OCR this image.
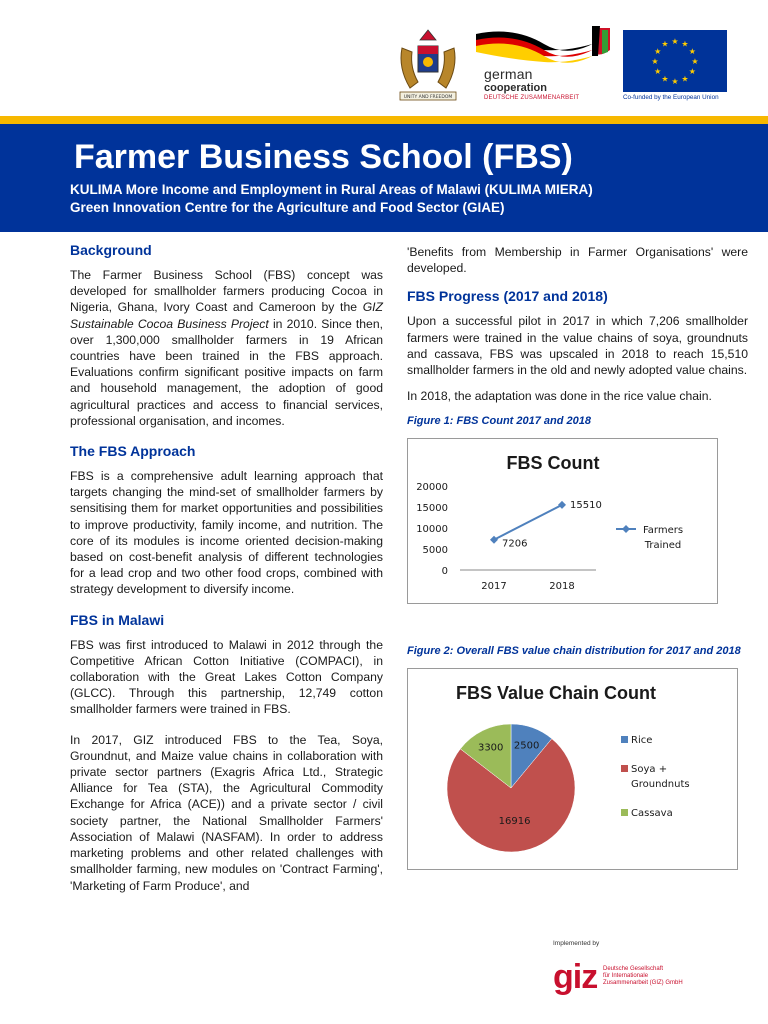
UNITY AND FREEDOM
german
cooperation
DEUTSCHE ZUSAMMENARBEIT
★ ★
★
★
★
★
★
★
★
★
★
★
Co-funded by the European Union
Farmer Business School (FBS)
KULIMA More Income and Employment in Rural Areas of Malawi (KULIMA MIERA)
Green Innovation Centre for the Agriculture and Food Sector (GIAE)
Background

The Farmer Business School (FBS) concept was developed for smallholder farmers producing Cocoa in Nigeria, Ghana, Ivory Coast and Cameroon by the GIZ Sustainable Cocoa Business Project in 2010. Since then, over 1,300,000 smallholder farmers in 19 African countries have been trained in the FBS approach. Evaluations confirm significant positive impacts on farm and household management, the adoption of good agricultural practices and access to financial services, professional organisation, and incomes.

The FBS Approach

FBS is a comprehensive adult learning approach that targets changing the mind-set of smallholder farmers by sensitising them for market opportunities and possibilities to improve productivity, family income, and nutrition. The core of its modules is income oriented decision-making based on cost-benefit analysis of different technologies for a lead crop and two other food crops, combined with strategy development to diversify income.

FBS in Malawi

FBS was first introduced to Malawi in 2012 through the Competitive African Cotton Initiative (COMPACI), in collaboration with the Great Lakes Cotton Company (GLCC). Through this partnership, 12,749 cotton smallholder farmers were trained in FBS.

In 2017, GIZ introduced FBS to the Tea, Soya, Groundnut, and Maize value chains in collaboration with private sector partners (Exagris Africa Ltd., Strategic Alliance for Tea (STA), the Agricultural Commodity Exchange for Africa (ACE)) and a private sector / civil society partner, the National Smallholder Farmers' Association of Malawi (NASFAM). In order to address marketing problems and other related challenges with smallholder farming, new modules on 'Contract Farming', 'Marketing of Farm Produce', and

'Benefits from Membership in Farmer Organisations' were developed.

FBS Progress (2017 and 2018)

Upon a successful pilot in 2017 in which 7,206 smallholder farmers were trained in the value chains of soya, groundnuts and cassava, FBS was upscaled in 2018 to reach 15,510 smallholder farmers in the old and newly adopted value chains.

In 2018, the adaptation was done in the rice value chain.

Figure 1: FBS Count 2017 and 2018
FBS Count
0
5000
10000
15000
20000
2017	2018
7206
15510
Farmers
Trained
Figure 2: Overall FBS value chain distribution for 2017 and 2018
FBS Value Chain Count
2500
16916
3300
Rice
Soya +
Groundnuts
Cassava
Implemented by
giz Deutsche Gesellschaft
für Internationale
Zusammenarbeit (GIZ) GmbH
